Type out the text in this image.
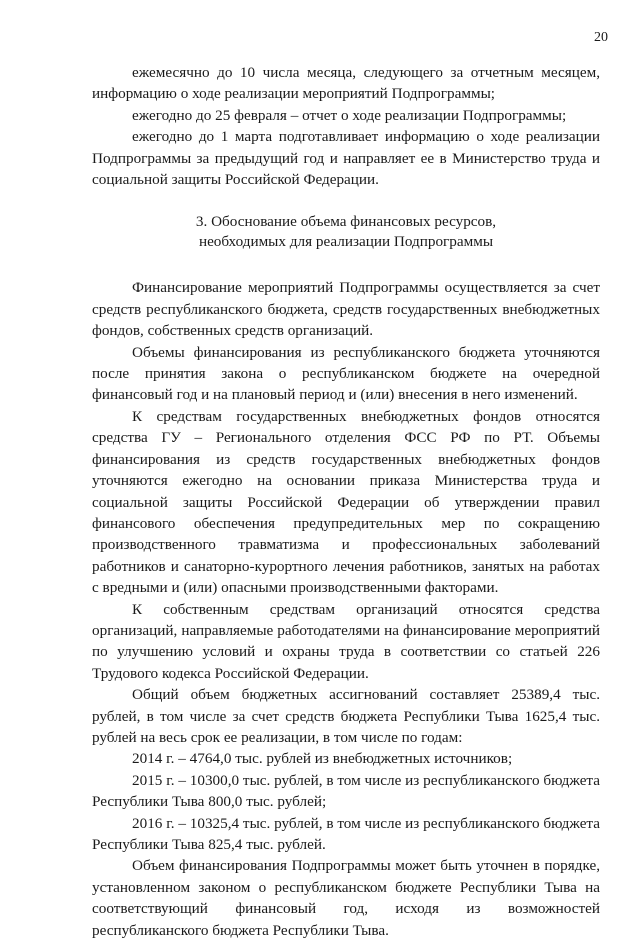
20

ежемесячно до 10 числа месяца, следующего за отчетным месяцем, информацию о ходе реализации мероприятий Подпрограммы;

ежегодно до 25 февраля – отчет о ходе реализации Подпрограммы;

ежегодно до 1 марта подготавливает информацию о ходе реализации Подпрограммы за предыдущий год и направляет ее в Министерство труда и социальной защиты Российской Федерации.

3. Обоснование объема финансовых ресурсов,
необходимых для реализации Подпрограммы

Финансирование мероприятий Подпрограммы осуществляется за счет средств республиканского бюджета, средств государственных внебюджетных фондов, собственных средств организаций.

Объемы финансирования из республиканского бюджета уточняются после принятия закона о республиканском бюджете на очередной финансовый год и на плановый период и (или) внесения в него изменений.

К средствам государственных внебюджетных фондов относятся средства ГУ – Регионального отделения ФСС РФ по РТ. Объемы финансирования из средств государственных внебюджетных фондов уточняются ежегодно на основании приказа Министерства труда и социальной защиты Российской Федерации об утверждении правил финансового обеспечения предупредительных мер по сокращению производственного травматизма и профессиональных заболеваний работников и санаторно-курортного лечения работников, занятых на работах с вредными и (или) опасными производственными факторами.

К собственным средствам организаций относятся средства организаций, направляемые работодателями на финансирование мероприятий по улучшению условий и охраны труда в соответствии со статьей 226 Трудового кодекса Российской Федерации.

Общий объем бюджетных ассигнований составляет 25389,4 тыс. рублей, в том числе за счет средств бюджета Республики Тыва 1625,4 тыс. рублей на весь срок ее реализации, в том числе по годам:

2014 г. – 4764,0 тыс. рублей из внебюджетных источников;

2015 г. – 10300,0 тыс. рублей, в том числе из республиканского бюджета Республики Тыва 800,0 тыс. рублей;

2016 г. – 10325,4 тыс. рублей, в том числе из республиканского бюджета Республики Тыва 825,4 тыс. рублей.

Объем финансирования Подпрограммы может быть уточнен в порядке, установленном законом о республиканском бюджете Республики Тыва на соответствующий финансовый год, исходя из возможностей республиканского бюджета Республики Тыва.
